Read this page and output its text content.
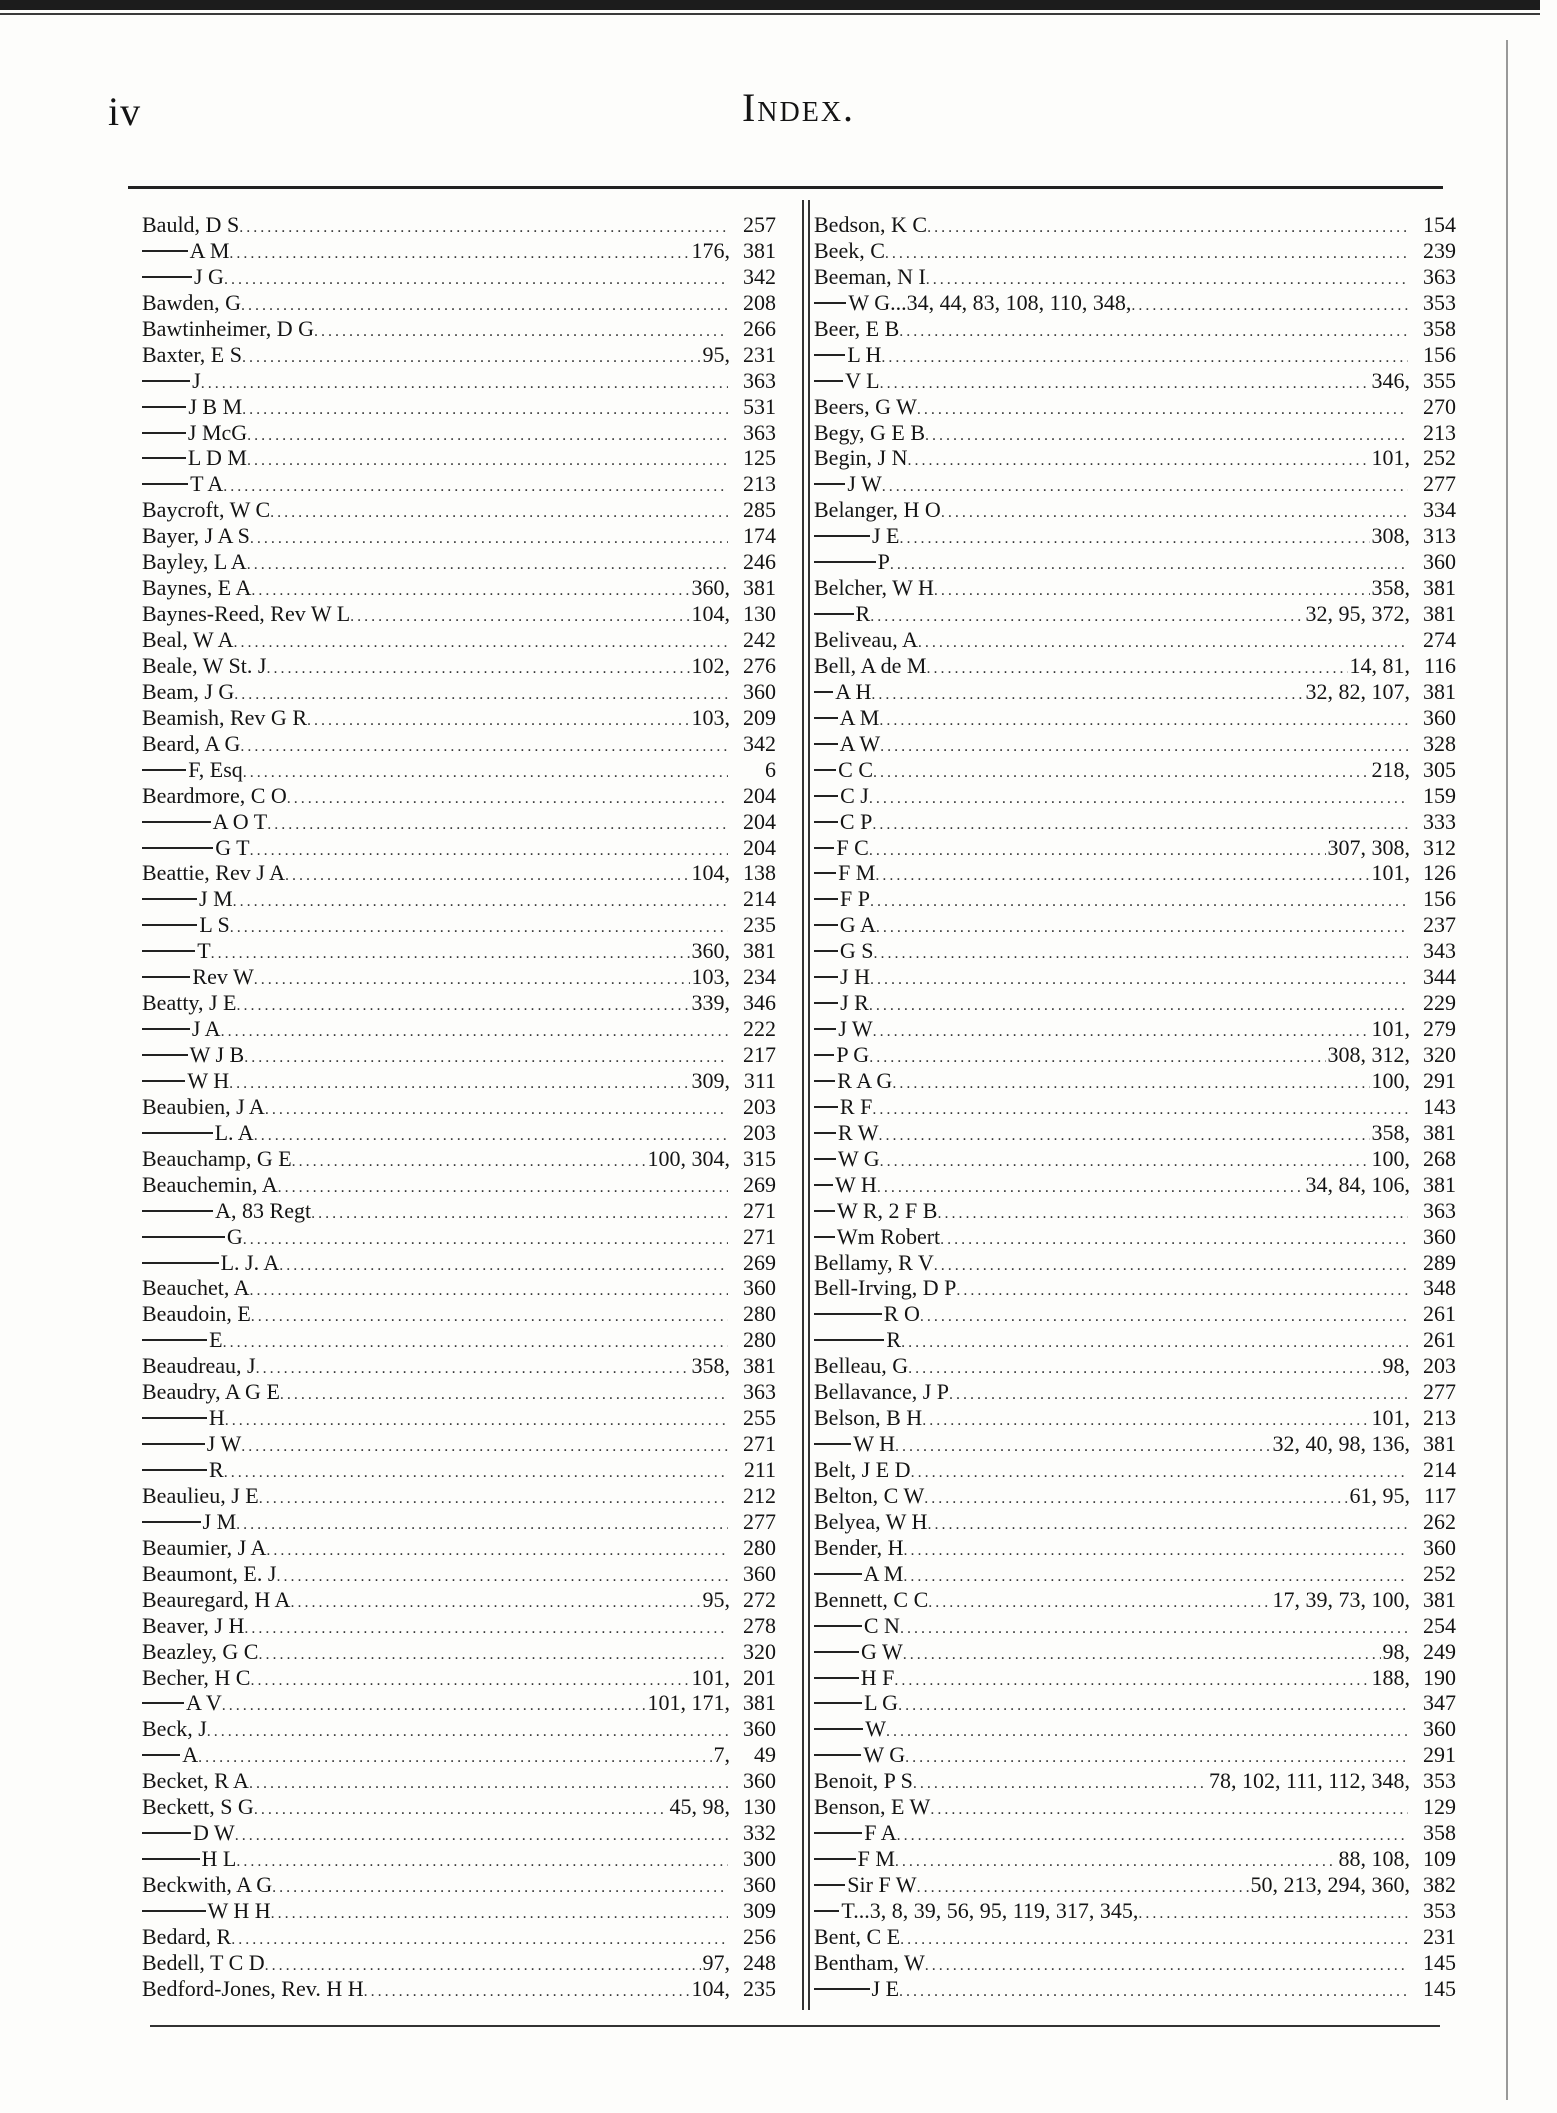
iv	Index.
Bauld, D S .....	257
A M .....	176, 381
J G .....	342
Bawden, G .....	208
Bawtinheimer, D G .....	266
Baxter, E S .....	95, 231
J .....	363
J B M .....	531
J McG .....	363
L D M .....	125
T A .....	213
Baycroft, W C .....	285
Bayer, J A S .....	174
Bayley, L A .....	246
Baynes, E A .....	360, 381
Baynes-Reed, Rev W L .....	104, 130
Beal, W A .....	242
Beale, W St. J .....	102, 276
Beam, J G .....	360
Beamish, Rev G R .....	103, 209
Beard, A G .....	342
F, Esq .....	6
Beardmore, C O .....	204
A O T .....	204
G T .....	204
Beattie, Rev J A .....	104, 138
J M .....	214
L S .....	235
T .....	360, 381
Rev W .....	103, 234
Beatty, J E .....	339, 346
J A .....	222
W J B .....	217
W H .....	309, 311
Beaubien, J A .....	203
L. A .....	203
Beauchamp, G E .....	100, 304, 315
Beauchemin, A .....	269
A, 83 Regt .....	271
G .....	271
L. J. A .....	269
Beauchet, A .....	360
Beaudoin, E .....	280
E .....	280
Beaudreau, J .....	358, 381
Beaudry, A G E .....	363
H .....	255
J W .....	271
R .....	211
Beaulieu, J E .....	212
J M .....	277
Beaumier, J A .....	280
Beaumont, E. J .....	360
Beauregard, H A .....	95, 272
Beaver, J H .....	278
Beazley, G C .....	320
Becher, H C .....	101, 201
A V .....	101, 171, 381
Beck, J .....	360
A .....	7,	49
Becket, R A .....	360
Beckett, S G .....	45, 98, 130
D W .....	332
H L .....	300
Beckwith, A G .....	360
W H H .....	309
Bedard, R .....	256
Bedell, T C D .....	97, 248
Bedford-Jones, Rev. H H .....	104, 235
Bedson, K C .....	154
Beek, C .....	239
Beeman, N I .....	363
W G...34, 44, 83, 108, 110, 348, .....	353
Beer, E B .....	358
L H .....	156
V L .....	346, 355
Beers, G W .....	270
Begy, G E B .....	213
Begin, J N .....	101, 252
J W .....	277
Belanger, H O .....	334
J E .....	308, 313
P .....	360
Belcher, W H .....	358, 381
R .....	32, 95, 372, 381
Beliveau, A .....	274
Bell, A de M .....	14, 81, 116
A H .....	32, 82, 107, 381
A M .....	360
A W .....	328
C C .....	218, 305
C J .....	159
C P .....	333
F C .....	307, 308, 312
F M .....	101, 126
F P .....	156
G A .....	237
G S .....	343
J H .....	344
J R .....	229
J W .....	101, 279
P G .....	308, 312, 320
R A G .....	100, 291
R F .....	143
R W .....	358, 381
W G .....	100, 268
W H .....	34, 84, 106, 381
W R, 2 F B .....	363
Wm Robert .....	360
Bellamy, R V .....	289
Bell-Irving, D P .....	348
R O .....	261
R .....	261
Belleau, G .....	98, 203
Bellavance, J P .....	277
Belson, B H .....	101, 213
W H .....	32, 40, 98, 136, 381
Belt, J E D .....	214
Belton, C W .....	61, 95, 117
Belyea, W H .....	262
Bender, H .....	360
A M .....	252
Bennett, C C .....	17, 39, 73, 100, 381
C N .....	254
G W .....	98, 249
H F .....	188, 190
L G .....	347
W .....	360
W G .....	291
Benoit, P S .....	78, 102, 111, 112, 348, 353
Benson, E W .....	129
F A .....	358
F M .....	88, 108, 109
Sir F W .....	50, 213, 294, 360, 382
T...3, 8, 39, 56, 95, 119, 317, 345, .....	353
Bent, C E .....	231
Bentham, W .....	145
J E .....	145
